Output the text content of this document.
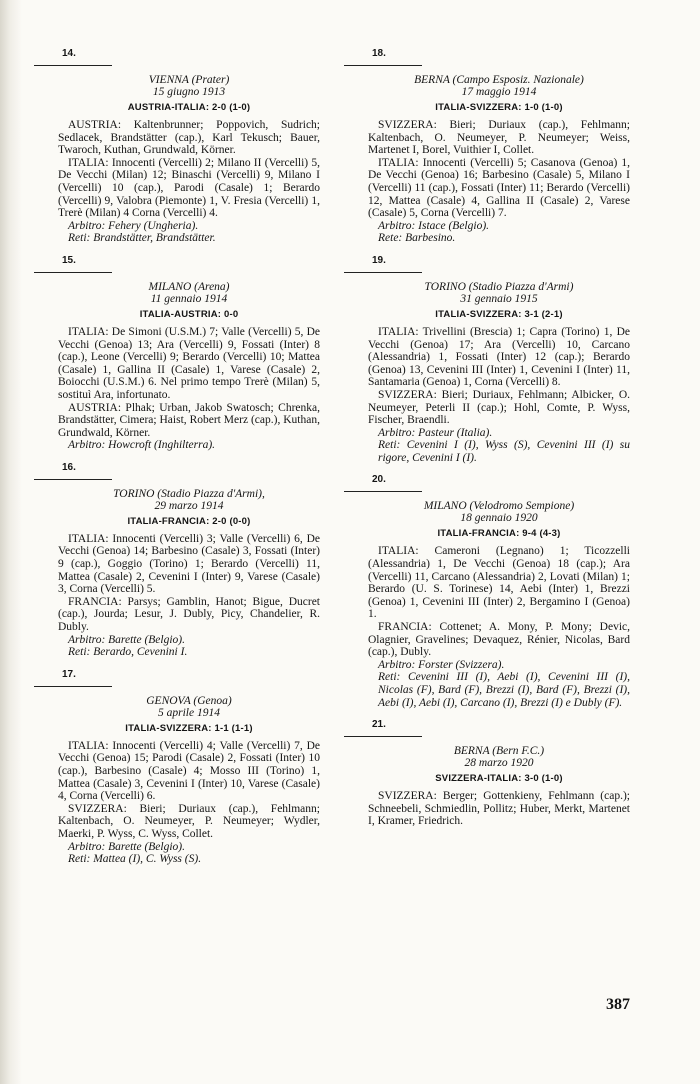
14.
VIENNA (Prater)
15 giugno 1913
AUSTRIA-ITALIA: 2-0 (1-0)

AUSTRIA: Kaltenbrunner; Poppovich, Sudrich; Sedlacek, Brandstätter (cap.), Karl Tekusch; Bauer, Twaroch, Kuthan, Grundwald, Körner.

ITALIA: Innocenti (Vercelli) 2; Milano II (Vercelli) 5, De Vecchi (Milan) 12; Binaschi (Vercelli) 9, Milano I (Vercelli) 10 (cap.), Parodi (Casale) 1; Berardo (Vercelli) 9, Valobra (Piemonte) 1, V. Fresia (Vercelli) 1, Trerè (Milan) 4 Corna (Vercelli) 4.

Arbitro: Fehery (Ungheria).

Reti: Brandstätter, Brandstätter.

15.
MILANO (Arena)
11 gennaio 1914
ITALIA-AUSTRIA: 0-0

ITALIA: De Simoni (U.S.M.) 7; Valle (Vercelli) 5, De Vecchi (Genoa) 13; Ara (Vercelli) 9, Fossati (Inter) 8 (cap.), Leone (Vercelli) 9; Berardo (Vercelli) 10; Mattea (Casale) 1, Gallina II (Casale) 1, Varese (Casale) 2, Boiocchi (U.S.M.) 6. Nel primo tempo Trerè (Milan) 5, sostituì Ara, infortunato.

AUSTRIA: Plhak; Urban, Jakob Swatosch; Chrenka, Brandstätter, Cimera; Haist, Robert Merz (cap.), Kuthan, Grundwald, Körner.

Arbitro: Howcroft (Inghilterra).

16.
TORINO (Stadio Piazza d'Armi),
29 marzo 1914
ITALIA-FRANCIA: 2-0 (0-0)

ITALIA: Innocenti (Vercelli) 3; Valle (Vercelli) 6, De Vecchi (Genoa) 14; Barbesino (Casale) 3, Fossati (Inter) 9 (cap.), Goggio (Torino) 1; Berardo (Vercelli) 11, Mattea (Casale) 2, Cevenini I (Inter) 9, Varese (Casale) 3, Corna (Vercelli) 5.

FRANCIA: Parsys; Gamblin, Hanot; Bigue, Ducret (cap.), Jourda; Lesur, J. Dubly, Picy, Chandelier, R. Dubly.

Arbitro: Barette (Belgio).

Reti: Berardo, Cevenini I.

17.
GENOVA (Genoa)
5 aprile 1914
ITALIA-SVIZZERA: 1-1 (1-1)

ITALIA: Innocenti (Vercelli) 4; Valle (Vercelli) 7, De Vecchi (Genoa) 15; Parodi (Casale) 2, Fossati (Inter) 10 (cap.), Barbesino (Casale) 4; Mosso III (Torino) 1, Mattea (Casale) 3, Cevenini I (Inter) 10, Varese (Casale) 4, Corna (Vercelli) 6.

SVIZZERA: Bieri; Duriaux (cap.), Fehlmann; Kaltenbach, O. Neumeyer, P. Neumeyer; Wydler, Maerki, P. Wyss, C. Wyss, Collet.

Arbitro: Barette (Belgio).

Reti: Mattea (I), C. Wyss (S).

18.
BERNA (Campo Esposiz. Nazionale)
17 maggio 1914
ITALIA-SVIZZERA: 1-0 (1-0)

SVIZZERA: Bieri; Duriaux (cap.), Fehlmann; Kaltenbach, O. Neumeyer, P. Neumeyer; Weiss, Martenet I, Borel, Vuithier I, Collet.

ITALIA: Innocenti (Vercelli) 5; Casanova (Genoa) 1, De Vecchi (Genoa) 16; Barbesino (Casale) 5, Milano I (Vercelli) 11 (cap.), Fossati (Inter) 11; Berardo (Vercelli) 12, Mattea (Casale) 4, Gallina II (Casale) 2, Varese (Casale) 5, Corna (Vercelli) 7.

Arbitro: Istace (Belgio).

Rete: Barbesino.

19.
TORINO (Stadio Piazza d'Armi)
31 gennaio 1915
ITALIA-SVIZZERA: 3-1 (2-1)

ITALIA: Trivellini (Brescia) 1; Capra (Torino) 1, De Vecchi (Genoa) 17; Ara (Vercelli) 10, Carcano (Alessandria) 1, Fossati (Inter) 12 (cap.); Berardo (Genoa) 13, Cevenini III (Inter) 1, Cevenini I (Inter) 11, Santamaria (Genoa) 1, Corna (Vercelli) 8.

SVIZZERA: Bieri; Duriaux, Fehlmann; Albicker, O. Neumeyer, Peterli II (cap.); Hohl, Comte, P. Wyss, Fischer, Braendli.

Arbitro: Pasteur (Italia).

Reti: Cevenini I (I), Wyss (S), Cevenini III (I) su rigore, Cevenini I (I).

20.
MILANO (Velodromo Sempione)
18 gennaio 1920
ITALIA-FRANCIA: 9-4 (4-3)

ITALIA: Cameroni (Legnano) 1; Ticozzelli (Alessandria) 1, De Vecchi (Genoa) 18 (cap.); Ara (Vercelli) 11, Carcano (Alessandria) 2, Lovati (Milan) 1; Berardo (U. S. Torinese) 14, Aebi (Inter) 1, Brezzi (Genoa) 1, Cevenini III (Inter) 2, Bergamino I (Genoa) 1.

FRANCIA: Cottenet; A. Mony, P. Mony; Devic, Olagnier, Gravelines; Devaquez, Rénier, Nicolas, Bard (cap.), Dubly.

Arbitro: Forster (Svizzera).

Reti: Cevenini III (I), Aebi (I), Cevenini III (I), Nicolas (F), Bard (F), Brezzi (I), Bard (F), Brezzi (I), Aebi (I), Aebi (I), Carcano (I), Brezzi (I) e Dubly (F).

21.
BERNA (Bern F.C.)
28 marzo 1920
SVIZZERA-ITALIA: 3-0 (1-0)

SVIZZERA: Berger; Gottenkieny, Fehlmann (cap.); Schneebeli, Schmiedlin, Pollitz; Huber, Merkt, Martenet I, Kramer, Friedrich.

387
